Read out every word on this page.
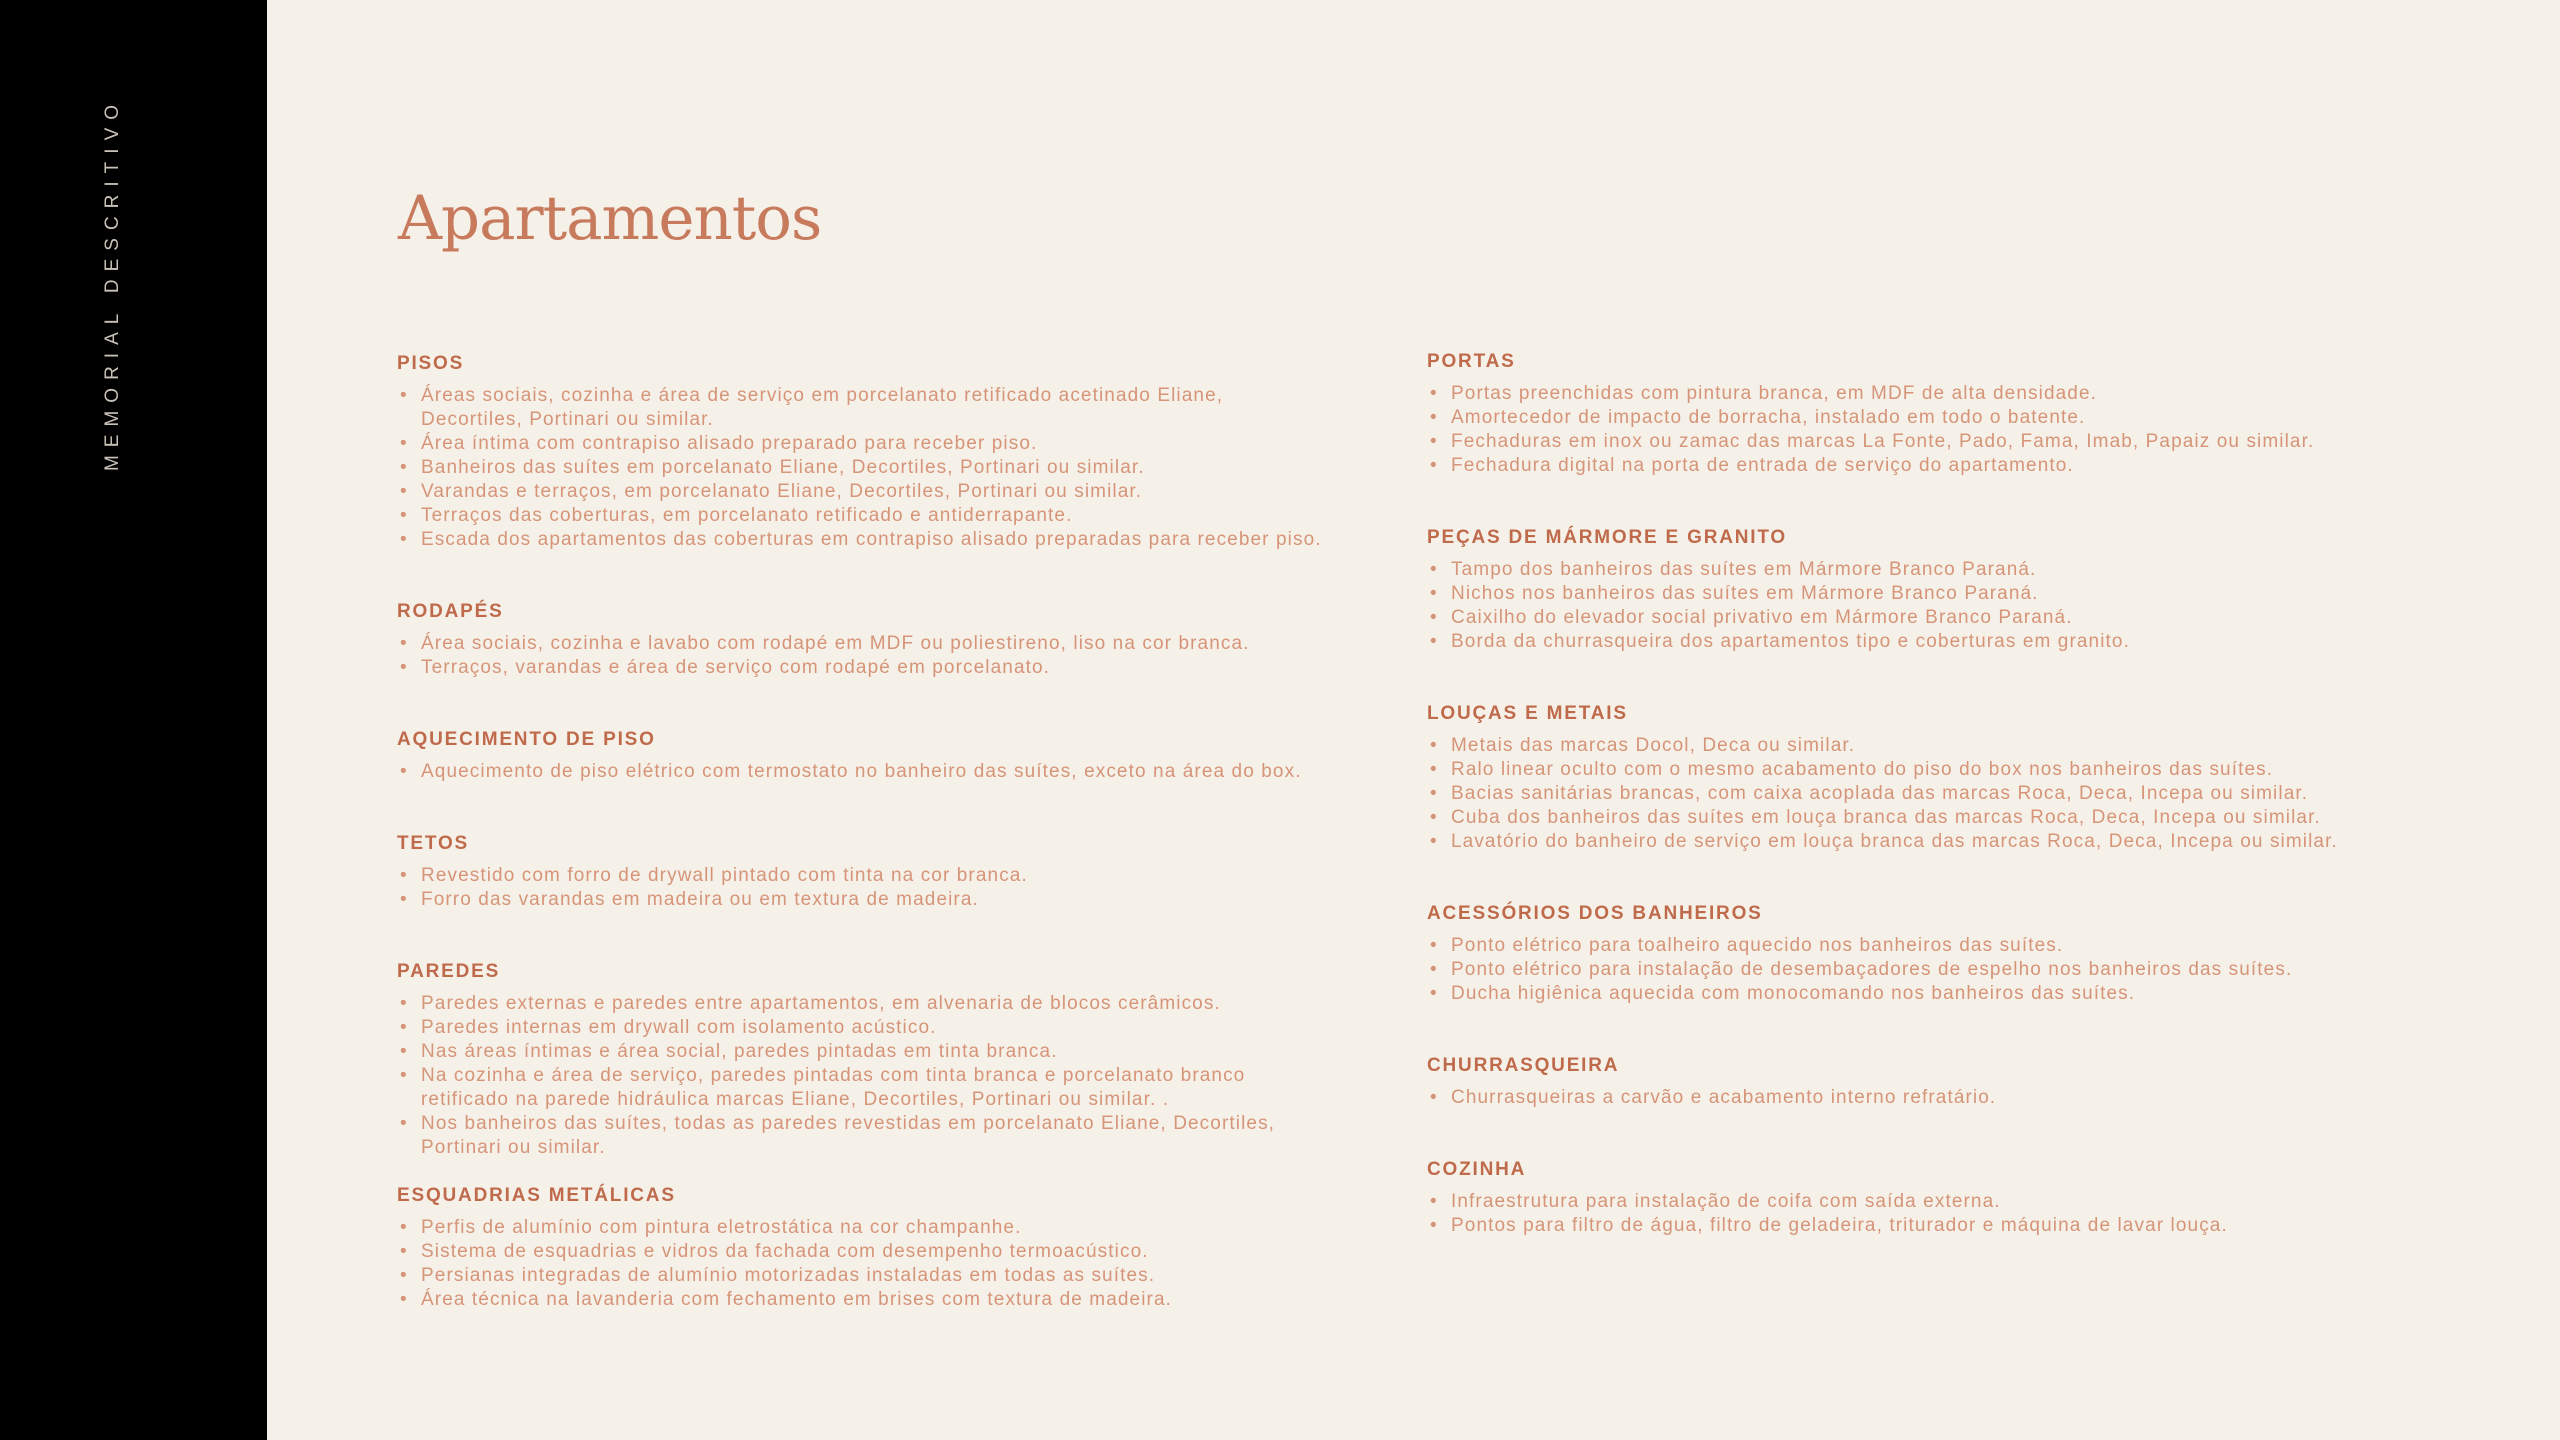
MEMORIAL DESCRITIVO	Apartamentos
PISOS
• Áreas sociais, cozinha e área de serviço em porcelanato retificado acetinado Eliane, Decortiles, Portinari ou similar.
• Área íntima com contrapiso alisado preparado para receber piso.
• Banheiros das suítes em porcelanato Eliane, Decortiles, Portinari ou similar.
• Varandas e terraços, em porcelanato Eliane, Decortiles, Portinari ou similar.
• Terraços das coberturas, em porcelanato retificado e antiderrapante.
• Escada dos apartamentos das coberturas em contrapiso alisado preparadas para receber piso.
RODAPÉS
• Área sociais, cozinha e lavabo com rodapé em MDF ou poliestireno, liso na cor branca.
• Terraços, varandas e área de serviço com rodapé em porcelanato.
AQUECIMENTO DE PISO
• Aquecimento de piso elétrico com termostato no banheiro das suítes, exceto na área do box.
TETOS
• Revestido com forro de drywall pintado com tinta na cor branca.
• Forro das varandas em madeira ou em textura de madeira.
PAREDES
• Paredes externas e paredes entre apartamentos, em alvenaria de blocos cerâmicos.
• Paredes internas em drywall com isolamento acústico.
• Nas áreas íntimas e área social, paredes pintadas em tinta branca.
• Na cozinha e área de serviço, paredes pintadas com tinta branca e porcelanato branco retificado na parede hidráulica marcas Eliane, Decortiles, Portinari ou similar. .
• Nos banheiros das suítes, todas as paredes revestidas em porcelanato Eliane, Decortiles, Portinari ou similar.
ESQUADRIAS METÁLICAS
• Perfis de alumínio com pintura eletrostática na cor champanhe.
• Sistema de esquadrias e vidros da fachada com desempenho termoacústico.
• Persianas integradas de alumínio motorizadas instaladas em todas as suítes.
• Área técnica na lavanderia com fechamento em brises com textura de madeira.
PORTAS
• Portas preenchidas com pintura branca, em MDF de alta densidade.
• Amortecedor de impacto de borracha, instalado em todo o batente.
• Fechaduras em inox ou zamac das marcas La Fonte, Pado, Fama, Imab, Papaiz ou similar.
• Fechadura digital na porta de entrada de serviço do apartamento.
PEÇAS DE MÁRMORE E GRANITO
• Tampo dos banheiros das suítes em Mármore Branco Paraná.
• Nichos nos banheiros das suítes em Mármore Branco Paraná.
• Caixilho do elevador social privativo em Mármore Branco Paraná.
• Borda da churrasqueira dos apartamentos tipo e coberturas em granito.
LOUÇAS E METAIS
• Metais das marcas Docol, Deca ou similar.
• Ralo linear oculto com o mesmo acabamento do piso do box nos banheiros das suítes.
• Bacias sanitárias brancas, com caixa acoplada das marcas Roca, Deca, Incepa ou similar.
• Cuba dos banheiros das suítes em louça branca das marcas Roca, Deca, Incepa ou similar.
• Lavatório do banheiro de serviço em louça branca das marcas Roca, Deca, Incepa ou similar.
ACESSÓRIOS DOS BANHEIROS
• Ponto elétrico para toalheiro aquecido nos banheiros das suítes.
• Ponto elétrico para instalação de desembaçadores de espelho nos banheiros das suítes.
• Ducha higiênica aquecida com monocomando nos banheiros das suítes.
CHURRASQUEIRA
• Churrasqueiras a carvão e acabamento interno refratário.
COZINHA
• Infraestrutura para instalação de coifa com saída externa.
• Pontos para filtro de água, filtro de geladeira, triturador e máquina de lavar louça.
